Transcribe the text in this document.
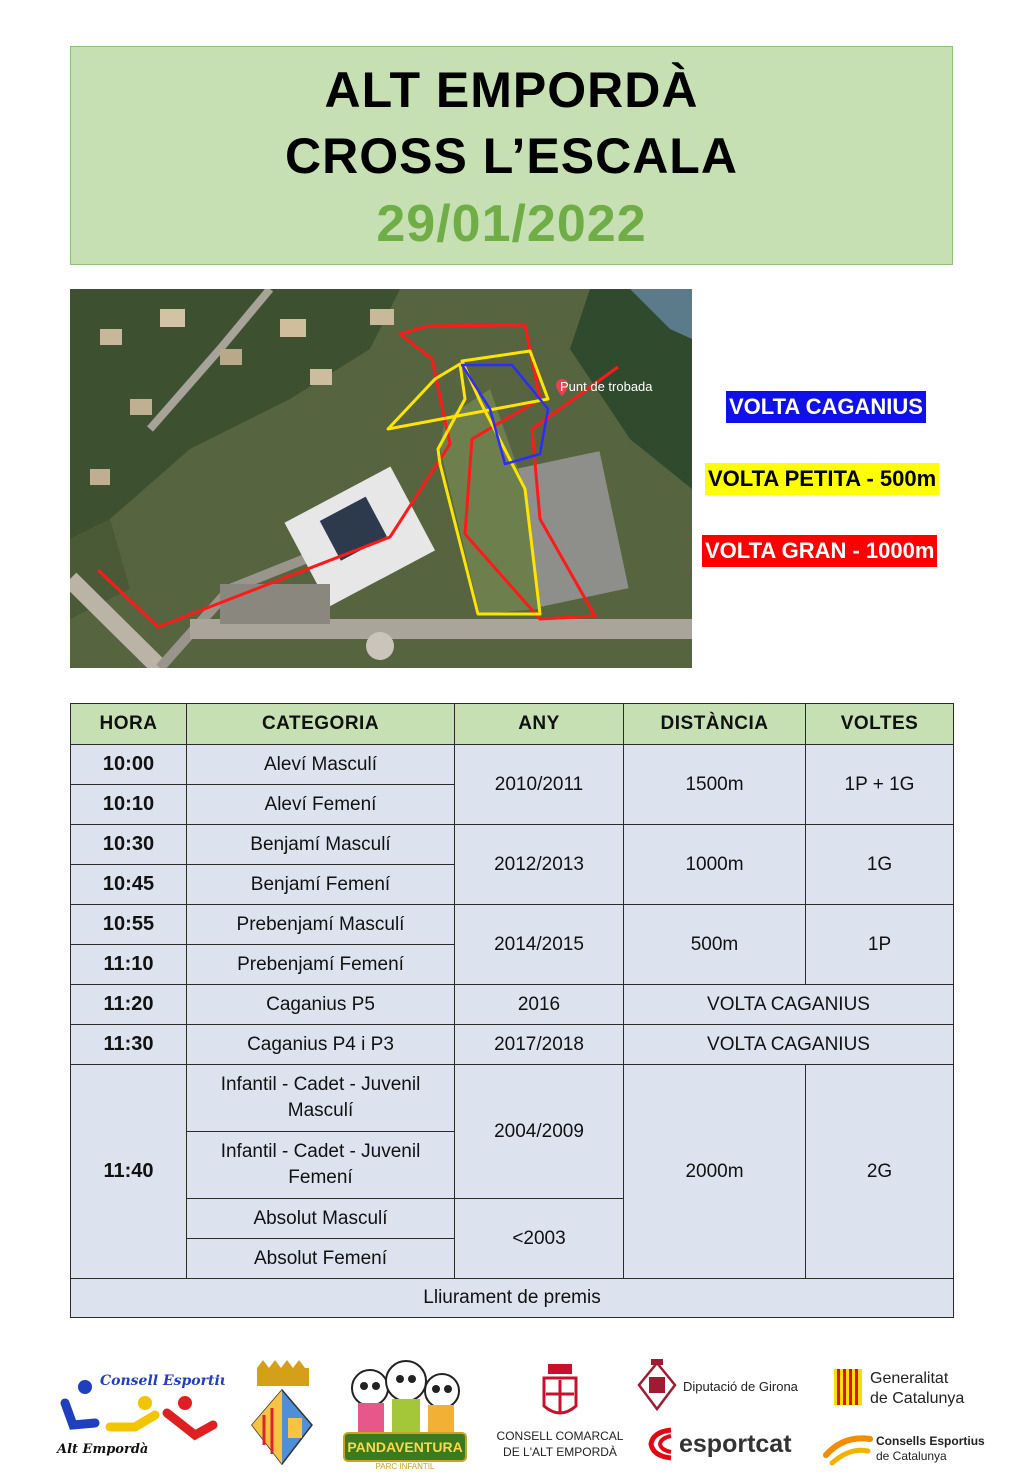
ALT EMPORDÀ
CROSS L’ESCALA
29/01/2022
Punt de trobada
VOLTA CAGANIUS
VOLTA PETITA - 500m
VOLTA GRAN - 1000m
HORA	CATEGORIA	ANY	DISTÀNCIA	VOLTES
10:00	Aleví Masculí	2010/2011	1500m	1P + 1G
10:10	Aleví Femení			
10:30	Benjamí Masculí	2012/2013	1000m	1G
10:45	Benjamí Femení			
10:55	Prebenjamí Masculí	2014/2015	500m	1P
11:10	Prebenjamí Femení			
11:20	Caganius P5	2016	VOLTA CAGANIUS	
11:30	Caganius P4 i P3	2017/2018	VOLTA CAGANIUS	
11:40	Infantil - Cadet - Juvenil Masculí	2004/2009	2000m	2G
	Infantil - Cadet - Juvenil Femení			
	Absolut Masculí	<2003		
	Absolut Femení			
Lliurament de premis				
Consell Esportiu
Alt Empordà	PANDAVENTURA
PARC INFANTIL
CONSELL COMARCAL
DE L'ALT EMPORDÀ
Diputació de Girona	Generalitat
de Catalunya
esportcat	Consells Esportius
de Catalunya
